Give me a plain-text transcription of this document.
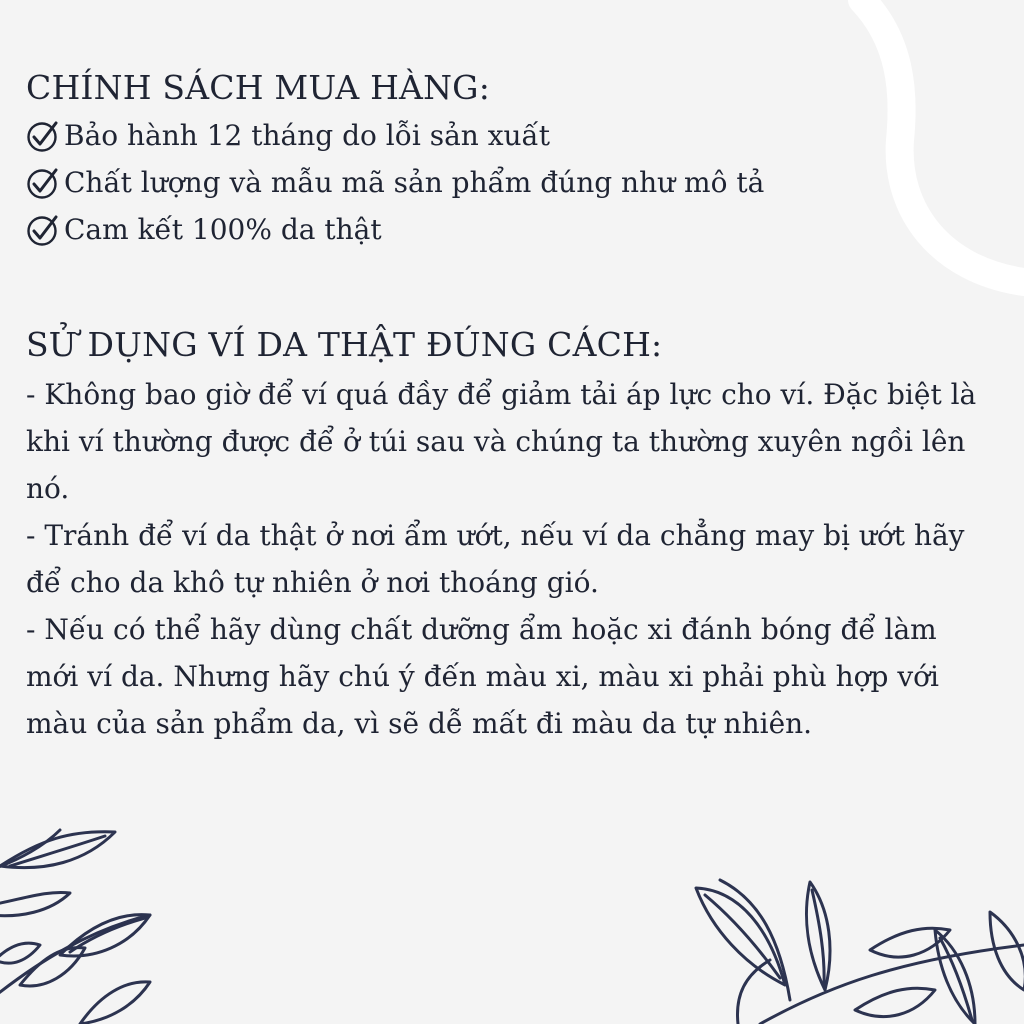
CHÍNH SÁCH MUA HÀNG:
Bảo hành 12 tháng do lỗi sản xuất
Chất lượng và mẫu mã sản phẩm đúng như mô tả
Cam kết 100% da thật
SỬ DỤNG VÍ DA THẬT ĐÚNG CÁCH:

- Không bao giờ để ví quá đầy để giảm tải áp lực cho ví. Đặc biệt là khi ví thường được để ở túi sau và chúng ta thường xuyên ngồi lên nó.

- Tránh để ví da thật ở nơi ẩm ướt, nếu ví da chẳng may bị ướt hãy để cho da khô tự nhiên ở nơi thoáng gió.

- Nếu có thể hãy dùng chất dưỡng ẩm hoặc xi đánh bóng để làm mới ví da. Nhưng hãy chú ý đến màu xi, màu xi phải phù hợp với màu của sản phẩm da, vì sẽ dễ mất đi màu da tự nhiên.
